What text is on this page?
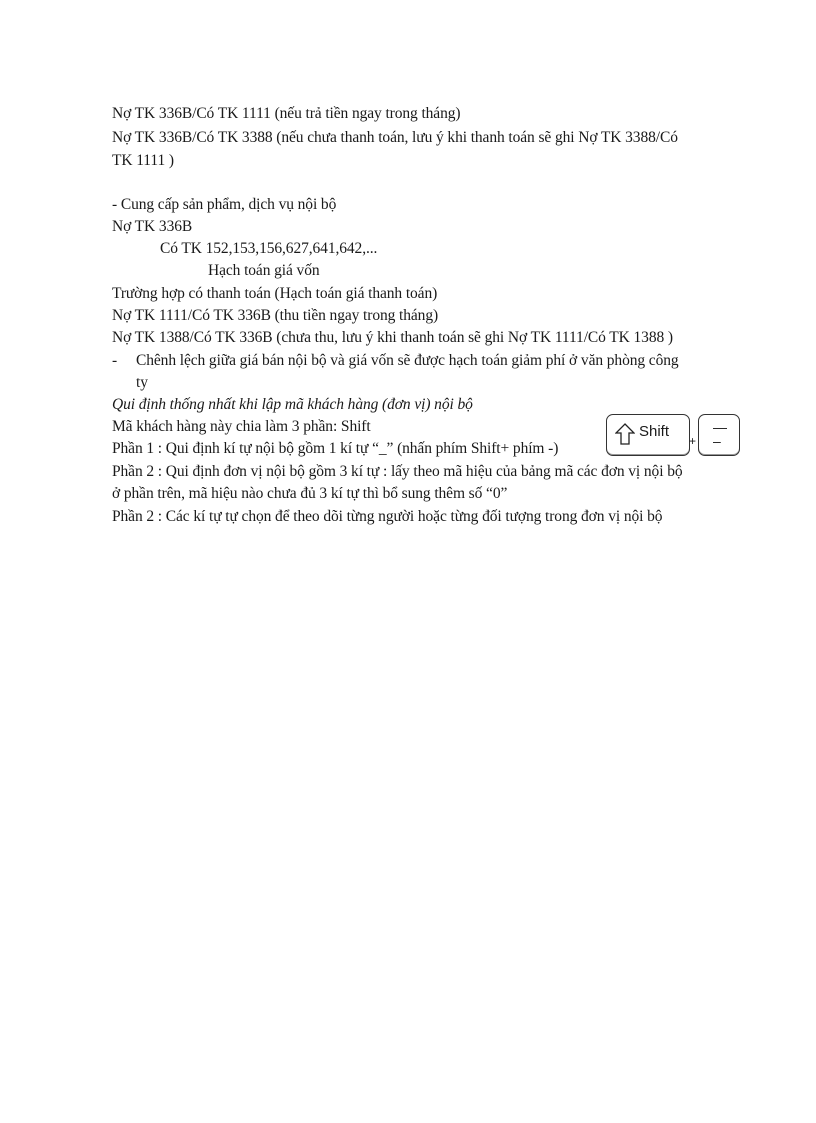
Nợ TK 336B/Có TK 1111 (nếu trả tiền ngay trong tháng)
Nợ TK 336B/Có TK 3388 (nếu chưa thanh toán, lưu ý khi thanh toán sẽ ghi Nợ TK 3388/Có
TK 1111 )
- Cung cấp sản phẩm, dịch vụ nội bộ
Nợ TK 336B
Có TK 152,153,156,627,641,642,...
Hạch toán giá vốn
Trường hợp có thanh toán (Hạch toán giá thanh toán)
Nợ TK 1111/Có TK 336B (thu tiền ngay trong tháng)
Nợ TK 1388/Có TK 336B (chưa thu, lưu ý khi thanh toán sẽ ghi Nợ TK 1111/Có TK 1388 )
- Chênh lệch giữa giá bán nội bộ và giá vốn sẽ được hạch toán giảm phí ở văn phòng công
ty
Qui định thống nhất khi lập mã khách hàng (đơn vị) nội bộ
Mã khách hàng này chia làm 3 phần: Shift
Phần 1 : Qui định kí tự nội bộ gồm 1 kí tự “_” (nhấn phím Shift+ phím -)
Phần 2 : Qui định đơn vị nội bộ gồm 3 kí tự : lấy theo mã hiệu của bảng mã các đơn vị nội bộ
ở phần trên, mã hiệu nào chưa đủ 3 kí tự thì bổ sung thêm số “0”
Phần 2 : Các kí tự tự chọn để theo dõi từng người hoặc từng đối tượng trong đơn vị nội bộ
Shift
+
—
–
